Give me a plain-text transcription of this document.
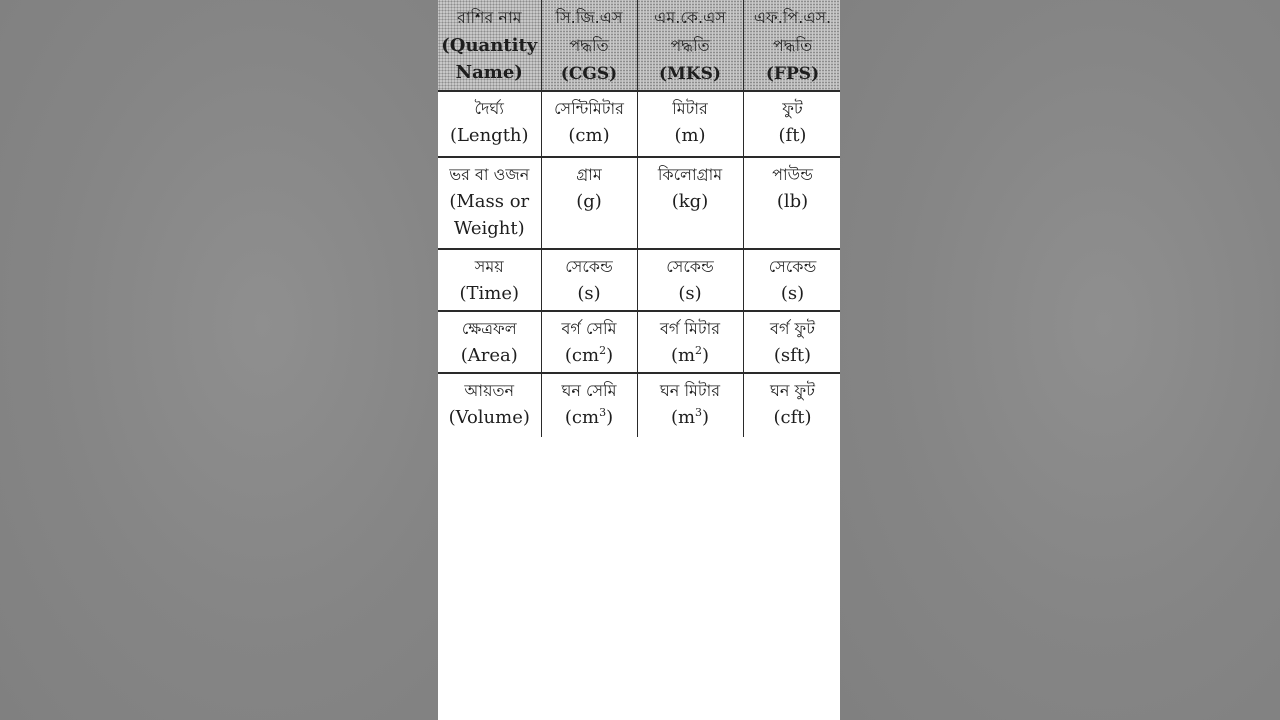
রাশির নাম
(Quantity
Name)	সি.জি.এস
পদ্ধতি
(CGS)	এম.কে.এস
পদ্ধতি
(MKS)	এফ.পি.এস.
পদ্ধতি
(FPS)

দৈর্ঘ্য
(Length)	সেন্টিমিটার
(cm)	মিটার
(m)	ফুট
(ft)

ভর বা ওজন
(Mass or
Weight)	গ্রাম
(g)	কিলোগ্রাম
(kg)	পাউন্ড
(lb)

সময়
(Time)	সেকেন্ড
(s)	সেকেন্ড
(s)	সেকেন্ড
(s)

ক্ষেত্রফল
(Area)	বর্গ সেমি
$(cm^2)$	বর্গ মিটার
$(m^2)$	বর্গ ফুট
(sft)

আয়তন
(Volume)	ঘন সেমি
$(cm^3)$	ঘন মিটার
$(m^3)$	ঘন ফুট
(cft)
